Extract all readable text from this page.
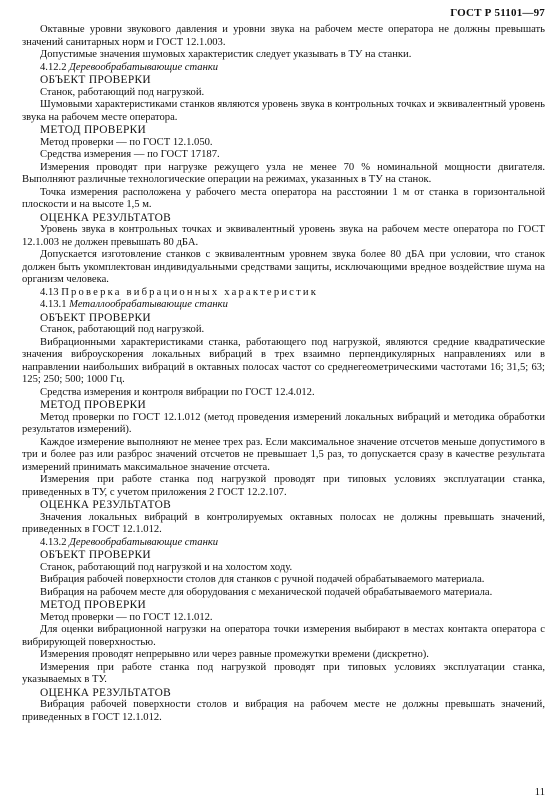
ГОСТ Р 51101—97

Октавные уровни звукового давления и уровни звука на рабочем месте оператора не должны превышать значений санитарных норм и ГОСТ 12.1.003.

Допустимые значения шумовых характеристик следует указывать в ТУ на станки.

4.12.2 Деревообрабатывающие станки
ОБЪЕКТ ПРОВЕРКИ

Станок, работающий под нагрузкой.

Шумовыми характеристиками станков являются уровень звука в контрольных точках и эквивалентный уровень звука на рабочем месте оператора.

МЕТОД ПРОВЕРКИ

Метод проверки — по ГОСТ 12.1.050.

Средства измерения — по ГОСТ 17187.

Измерения проводят при нагрузке режущего узла не менее 70 % номинальной мощности двигателя. Выполняют различные технологические операции на режимах, указанных в ТУ на станок.

Точка измерения расположена у рабочего места оператора на расстоянии 1 м от станка в горизонтальной плоскости и на высоте 1,5 м.

ОЦЕНКА РЕЗУЛЬТАТОВ

Уровень звука в контрольных точках и эквивалентный уровень звука на рабочем месте оператора по ГОСТ 12.1.003 не должен превышать 80 дБА.

Допускается изготовление станков с эквивалентным уровнем звука более 80 дБА при условии, что станок должен быть укомплектован индивидуальными средствами защиты, исключающими вредное воздействие шума на организм человека.

4.13 Проверка вибрационных характеристик
4.13.1 Металлообрабатывающие станки
ОБЪЕКТ ПРОВЕРКИ

Станок, работающий под нагрузкой.

Вибрационными характеристиками станка, работающего под нагрузкой, являются средние квадратические значения виброускорения локальных вибраций в трех взаимно перпендикулярных направлениях или в направлении наибольших вибраций в октавных полосах частот со среднегеометрическими частотами 16; 31,5; 63; 125; 250; 500; 1000 Гц.

Средства измерения и контроля вибрации по ГОСТ 12.4.012.

МЕТОД ПРОВЕРКИ

Метод проверки по ГОСТ 12.1.012 (метод проведения измерений локальных вибраций и методика обработки результатов измерений).

Каждое измерение выполняют не менее трех раз. Если максимальное значение отсчетов меньше допустимого в три и более раз или разброс значений отсчетов не превышает 1,5 раз, то допускается сразу в качестве результата измерений принимать максимальное значение отсчета.

Измерения при работе станка под нагрузкой проводят при типовых условиях эксплуатации станка, приведенных в ТУ, с учетом приложения 2 ГОСТ 12.2.107.

ОЦЕНКА РЕЗУЛЬТАТОВ

Значения локальных вибраций в контролируемых октавных полосах не должны превышать значений, приведенных в ГОСТ 12.1.012.

4.13.2 Деревообрабатывающие станки
ОБЪЕКТ ПРОВЕРКИ

Станок, работающий под нагрузкой и на холостом ходу.

Вибрация рабочей поверхности столов для станков с ручной подачей обрабатываемого материала.

Вибрация на рабочем месте для оборудования с механической подачей обрабатываемого материала.

МЕТОД ПРОВЕРКИ

Метод проверки — по ГОСТ 12.1.012.

Для оценки вибрационной нагрузки на оператора точки измерения выбирают в местах контакта оператора с вибрирующей поверхностью.

Измерения проводят непрерывно или через равные промежутки времени (дискретно).

Измерения при работе станка под нагрузкой проводят при типовых условиях эксплуатации станка, указываемых в ТУ.

ОЦЕНКА РЕЗУЛЬТАТОВ

Вибрация рабочей поверхности столов и вибрация на рабочем месте не должны превышать значений, приведенных в ГОСТ 12.1.012.

11
